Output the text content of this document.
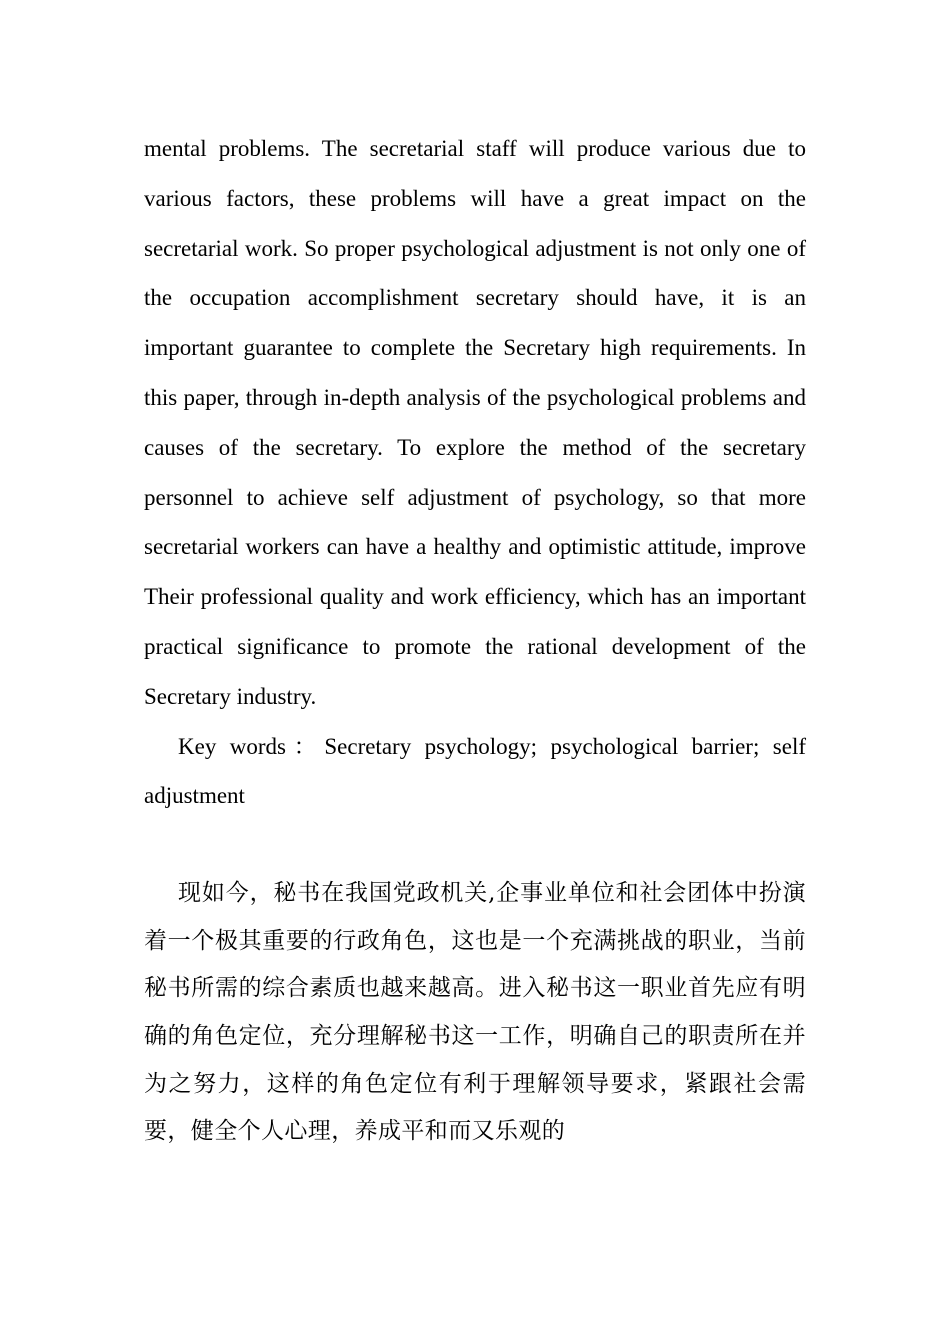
mental problems. The secretarial staff will produce various due to various factors, these problems will have a great impact on the secretarial work. So proper psychological adjustment is not only one of the occupation accomplishment secretary should have, it is an important guarantee to complete the Secretary high requirements. In this paper, through in-depth analysis of the psychological problems and causes of the secretary. To explore the method of the secretary personnel to achieve self adjustment of psychology, so that more secretarial workers can have a healthy and optimistic attitude, improve Their professional quality and work efficiency, which has an important practical significance to promote the rational development of the Secretary industry.

Key words：Secretary psychology; psychological barrier; self adjustment

现如今，秘书在我国党政机关,企事业单位和社会团体中扮演着一个极其重要的行政角色，这也是一个充满挑战的职业，当前秘书所需的综合素质也越来越高。进入秘书这一职业首先应有明确的角色定位，充分理解秘书这一工作，明确自己的职责所在并为之努力，这样的角色定位有利于理解领导要求，紧跟社会需要，健全个人心理，养成平和而又乐观的
